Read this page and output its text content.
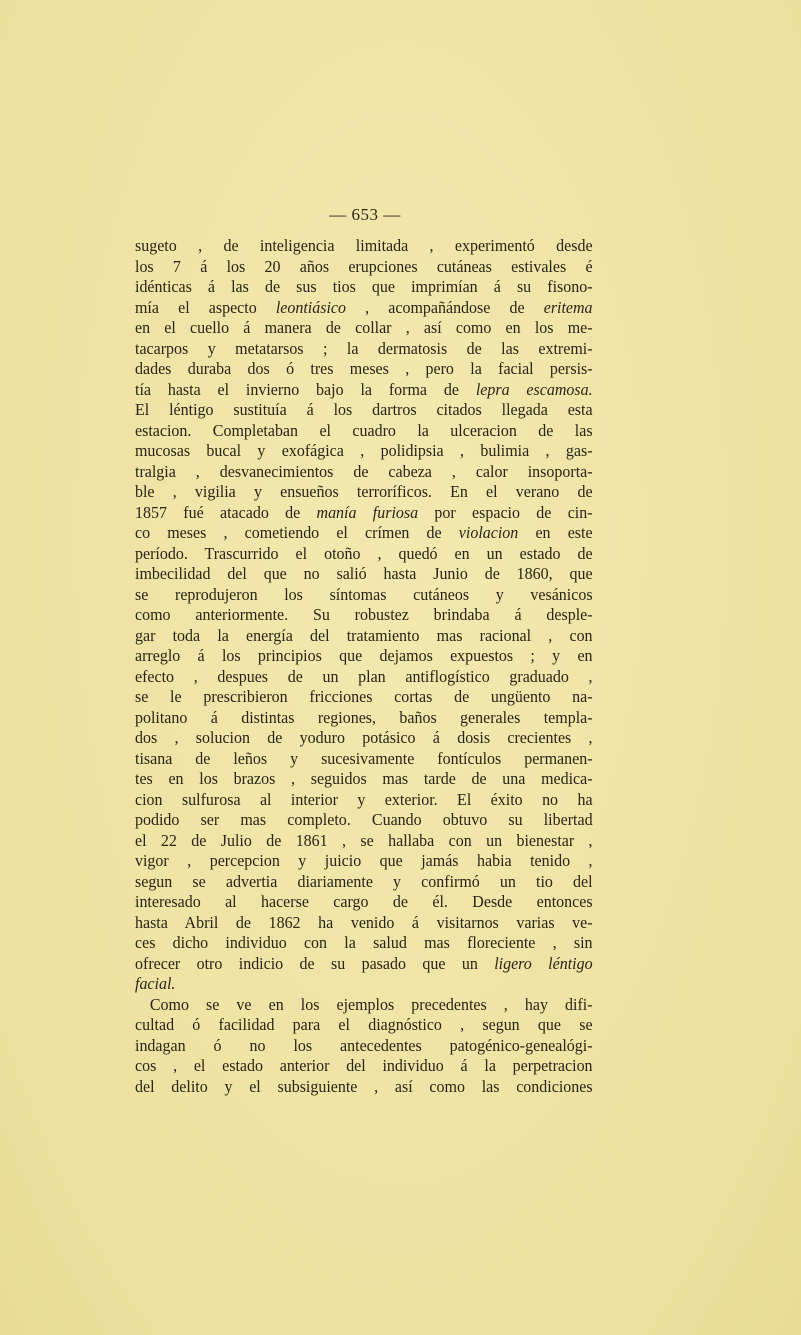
— 653 —
sugeto , de inteligencia limitada , experimentó desde
los 7 á los 20 años erupciones cutáneas estivales é
idénticas á las de sus tios que imprimían á su fisono-
mía el aspecto leontiásico , acompañándose de eritema
en el cuello á manera de collar , así como en los me-
tacarpos y metatarsos ; la dermatosis de las extremi-
dades duraba dos ó tres meses , pero la facial persis-
tía hasta el invierno bajo la forma de lepra escamosa.
El léntigo sustituía á los dartros citados llegada esta
estacion. Completaban el cuadro la ulceracion de las
mucosas bucal y exofágica , polidipsia , bulimia , gas-
tralgia , desvanecimientos de cabeza , calor insoporta-
ble , vigilia y ensueños terroríficos. En el verano de
1857 fué atacado de manía furiosa por espacio de cin-
co meses , cometiendo el crímen de violacion en este
período. Trascurrido el otoño , quedó en un estado de
imbecilidad del que no salió hasta Junio de 1860, que
se reprodujeron los síntomas cutáneos y vesánicos
como anteriormente. Su robustez brindaba á desple-
gar toda la energía del tratamiento mas racional , con
arreglo á los principios que dejamos expuestos ; y en
efecto , despues de un plan antiflogístico graduado ,
se le prescribieron fricciones cortas de ungüento na-
politano á distintas regiones, baños generales templa-
dos , solucion de yoduro potásico á dosis crecientes ,
tisana de leños y sucesivamente fontículos permanen-
tes en los brazos , seguidos mas tarde de una medica-
cion sulfurosa al interior y exterior. El éxito no ha
podido ser mas completo. Cuando obtuvo su libertad
el 22 de Julio de 1861 , se hallaba con un bienestar ,
vigor , percepcion y juicio que jamás habia tenido ,
segun se advertia diariamente y confirmó un tio del
interesado al hacerse cargo de él. Desde entonces
hasta Abril de 1862 ha venido á visitarnos varias ve-
ces dicho individuo con la salud mas floreciente , sin
ofrecer otro indicio de su pasado que un ligero léntigo
facial.
Como se ve en los ejemplos precedentes , hay difi-
cultad ó facilidad para el diagnóstico , segun que se
indagan ó no los antecedentes patogénico-genealógi-
cos , el estado anterior del individuo á la perpetracion
del delito y el subsiguiente , así como las condiciones
